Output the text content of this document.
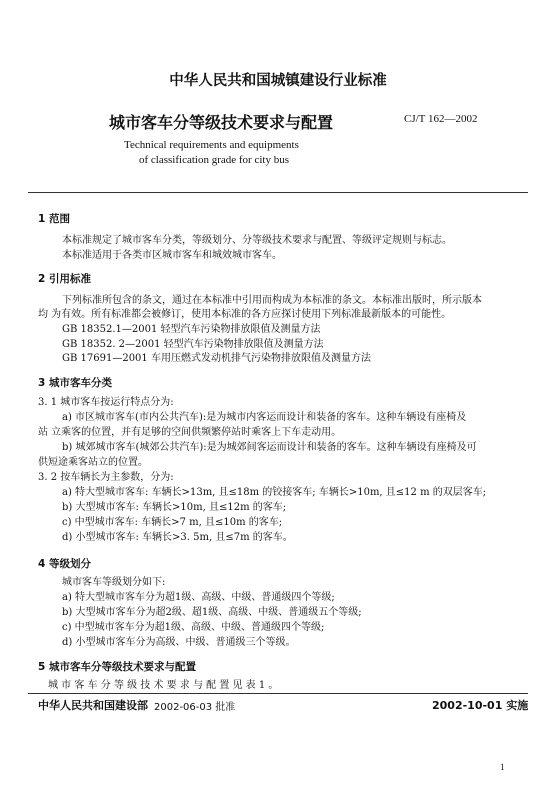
中华人民共和国城镇建设行业标准
城市客车分等级技术要求与配置	CJ/T 162—2002
Technical requirements and equipments
of classification grade for city bus
1 范围
本标准规定了城市客车分类，等级划分、分等级技术要求与配置、等级评定规则与标志。
本标准适用于各类市区城市客车和城效城市客车。
2 引用标准
下列标准所包含的条文，通过在本标准中引用而构成为本标准的条文。本标准出版时，所示版本
均 为有效。所有标准都会被修订，使用本标准的各方应探讨使用下列标准最新版本的可能性。
GB 18352.1—2001 轻型汽车污染物排放限值及测量方法
GB 18352. 2—2001 轻型汽车污染物排放限值及测量方法
GB 17691—2001 车用压燃式发动机排气污染物排放限值及测量方法
3 城市客车分类
3. 1 城市客车按运行特点分为:
a) 市区城市客车(市内公共汽车):是为城市内客运而设计和装备的客车。这种车辆设有座椅及
站 立乘客的位置，并有足够的空间供频繁停站时乘客上下车走动用。
b) 城郊城市客车(城郊公共汽车):是为城郊间客运而设计和装备的客车。这种车辆设有座椅及可
供短途乘客站立的位置。
3. 2 按车辆长为主参数，分为:
a) 特大型城市客车: 车辆长>13m, 且≤18m 的铰接客车; 车辆长>10m, 且≤12 m 的双层客车;
b) 大型城市客车: 车辆长>10m, 且≤12m 的客车;
c) 中型城市客车: 车辆长>7 m, 且≤10m 的客车;
d) 小型城市客车: 车辆长>3. 5m, 且≤7m 的客车。
4 等级划分
城市客车等级划分如下:
a) 特大型城市客车分为超1级、高级、中级、普通级四个等级;
b) 大型城市客车分为超2级、超1级、高级、中级、普通级五个等级;
c) 中型城市客车分为超1级、高级、中级、普通级四个等级;
d) 小型城市客车分为高级、中级、普通级三个等级。
5 城市客车分等级技术要求与配置
城 市 客 车 分 等 级 技 术 要 求 与 配 置 见 表 1 。
中华人民共和国建设部 2002-06-03 批准	2002-10-01 实施
1
